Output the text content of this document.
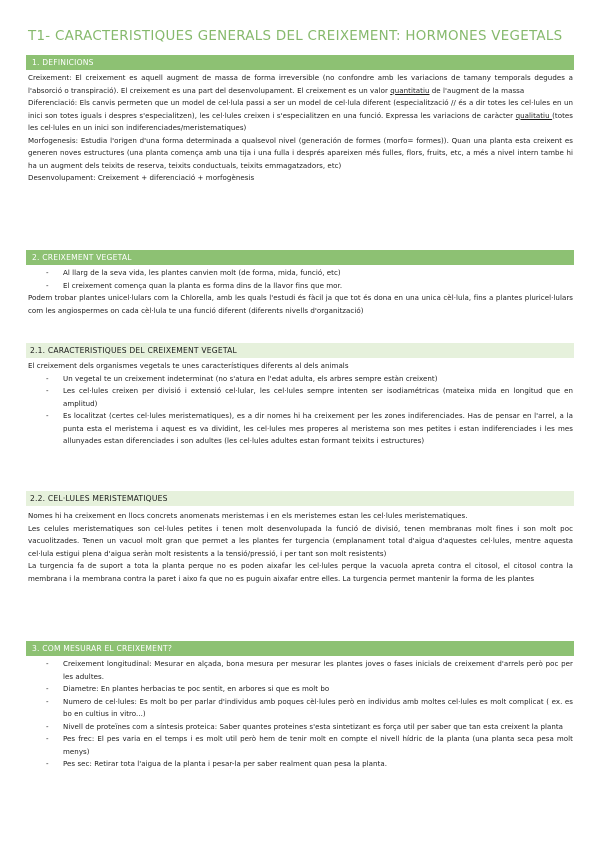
T1- CARACTERISTIQUES GENERALS DEL CREIXEMENT: HORMONES VEGETALS
1. DEFINICIONS

Creixement: El creixement es aquell augment de massa de forma irreversible (no confondre amb les variacions de tamany temporals degudes a l'absorció o transpiració). El creixement es una part del desenvolupament. El creixement es un valor quantitatiu de l'augment de la massa

Diferenciació: Els canvis permeten que un model de cel·lula passi a ser un model de cel·lula diferent (especialització // és a dir totes les cel·lules en un inici son totes iguals i despres s'especialitzen), les cel·lules creixen i s'especialitzen en una funció. Expressa les variacions de caràcter qualitatiu (totes les cel·lules en un inici son indiferenciades/meristematiques)

Morfogenesis: Estudia l'origen d'una forma determinada a qualsevol nivel (generación de formes (morfo= formes)). Quan una planta esta creixent es generen noves estructures (una planta comença amb una tija i una fulla i després apareixen més fulles, flors, fruits, etc, a més a nivel intern tambe hi ha un augment dels teixits de reserva, teixits conductuals, teixits emmagatzadors, etc)

Desenvolupament: Creixement + diferenciació + morfogènesis

2. CREIXEMENT VEGETAL
- Al llarg de la seva vida, les plantes canvien molt (de forma, mida, funció, etc)
- El creixement comença quan la planta es forma dins de la llavor fins que mor.

Podem trobar plantes unicel·lulars com la Chlorella, amb les quals l'estudi és fàcil ja que tot és dona en una unica cèl·lula, fins a plantes pluricel·lulars com les angiospermes on cada cèl·lula te una funció diferent (diferents nivells d'organització)

2.1. CARACTERISTIQUES DEL CREIXEMENT VEGETAL

El creixement dels organismes vegetals te unes característiques diferents al dels animals

- Un vegetal te un creixement indeterminat (no s'atura en l'edat adulta, els arbres sempre estàn creixent)
- Les cel·lules creixen per divisió i extensió cel·lular, les cel·lules sempre intenten ser isodiamétricas (mateixa mida en longitud que en amplitud)
- Es localitzat (certes cel·lules meristematiques), es a dir nomes hi ha creixement per les zones indiferenciades. Has de pensar en l'arrel, a la punta esta el meristema i aquest es va dividint, les cel·lules mes properes al meristema son mes petites i estan indiferenciades i les mes allunyades estan diferenciades i son adultes (les cel·lules adultes estan formant teixits i estructures)
2.2. CEL·LULES MERISTEMATIQUES

Nomes hi ha creixement en llocs concrets anomenats meristemas i en els meristemes estan les cel·lules meristematiques.

Les celules meristematiques son cel·lules petites i tenen molt desenvolupada la funció de divisió, tenen membranas molt fines i son molt poc vacuolitzades. Tenen un vacuol molt gran que permet a les plantes fer turgencia (emplanament total d'aigua d'aquestes cel·lules, mentre aquesta cel·lula estigui plena d'aigua seràn molt resistents a la tensió/pressió, i per tant son molt resistents)

La turgencia fa de suport a tota la planta perque no es poden aixafar les cel·lules perque la vacuola apreta contra el citosol, el citosol contra la membrana i la membrana contra la paret i aixo fa que no es puguin aixafar entre elles. La turgencia permet mantenir la forma de les plantes

3. COM MESURAR EL CREIXEMENT?
- Creixement longitudinal: Mesurar en alçada, bona mesura per mesurar les plantes joves o fases inicials de creixement d'arrels però poc per les adultes.
- Diametre: En plantes herbacias te poc sentit, en arbores si que es molt bo
- Numero de cel·lules: Es molt bo per parlar d'individus amb poques cèl·lules però en individus amb moltes cel·lules es molt complicat ( ex. es bo en cultius in vitro...)
- Nivell de proteïnes com a síntesis proteica: Saber quantes proteines s'esta sintetizant es força util per saber que tan esta creixent la planta
- Pes frec: El pes varia en el temps i es molt util però hem de tenir molt en compte el nivell hídric de la planta (una planta seca pesa molt menys)
- Pes sec: Retirar tota l'aigua de la planta i pesar-la per saber realment quan pesa la planta.
